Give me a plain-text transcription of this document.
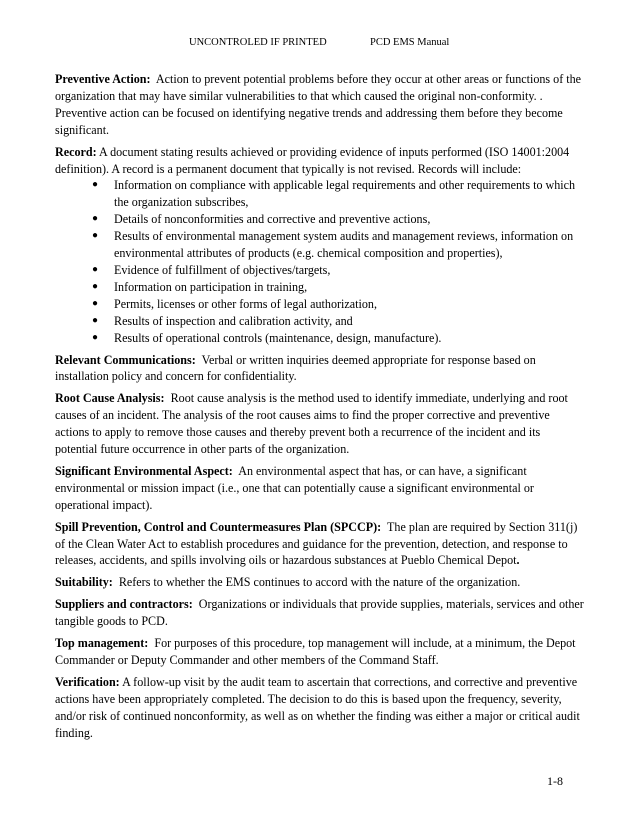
UNCONTROLED IF PRINTED	PCD EMS Manual

Preventive Action: Action to prevent potential problems before they occur at other areas or functions of the organization that may have similar vulnerabilities to that which caused the original non-conformity. . Preventive action can be focused on identifying negative trends and addressing them before they become significant.

Record: A document stating results achieved or providing evidence of inputs performed (ISO 14001:2004 definition). A record is a permanent document that typically is not revised. Records will include:

● Information on compliance with applicable legal requirements and other requirements to which the organization subscribes,
● Details of nonconformities and corrective and preventive actions,
● Results of environmental management system audits and management reviews, information on environmental attributes of products (e.g. chemical composition and properties),
● Evidence of fulfillment of objectives/targets,
● Information on participation in training,
● Permits, licenses or other forms of legal authorization,
● Results of inspection and calibration activity, and
● Results of operational controls (maintenance, design, manufacture).

Relevant Communications: Verbal or written inquiries deemed appropriate for response based on installation policy and concern for confidentiality.

Root Cause Analysis: Root cause analysis is the method used to identify immediate, underlying and root causes of an incident. The analysis of the root causes aims to find the proper corrective and preventive actions to apply to remove those causes and thereby prevent both a recurrence of the incident and its potential future occurrence in other parts of the organization.

Significant Environmental Aspect: An environmental aspect that has, or can have, a significant environmental or mission impact (i.e., one that can potentially cause a significant environmental or operational impact).

Spill Prevention, Control and Countermeasures Plan (SPCCP): The plan are required by Section 311(j) of the Clean Water Act to establish procedures and guidance for the prevention, detection, and response to releases, accidents, and spills involving oils or hazardous substances at Pueblo Chemical Depot.

Suitability: Refers to whether the EMS continues to accord with the nature of the organization.

Suppliers and contractors: Organizations or individuals that provide supplies, materials, services and other tangible goods to PCD.

Top management: For purposes of this procedure, top management will include, at a minimum, the Depot Commander or Deputy Commander and other members of the Command Staff.

Verification: A follow-up visit by the audit team to ascertain that corrections, and corrective and preventive actions have been appropriately completed. The decision to do this is based upon the frequency, severity, and/or risk of continued nonconformity, as well as on whether the finding was either a major or critical audit finding.

1-8
